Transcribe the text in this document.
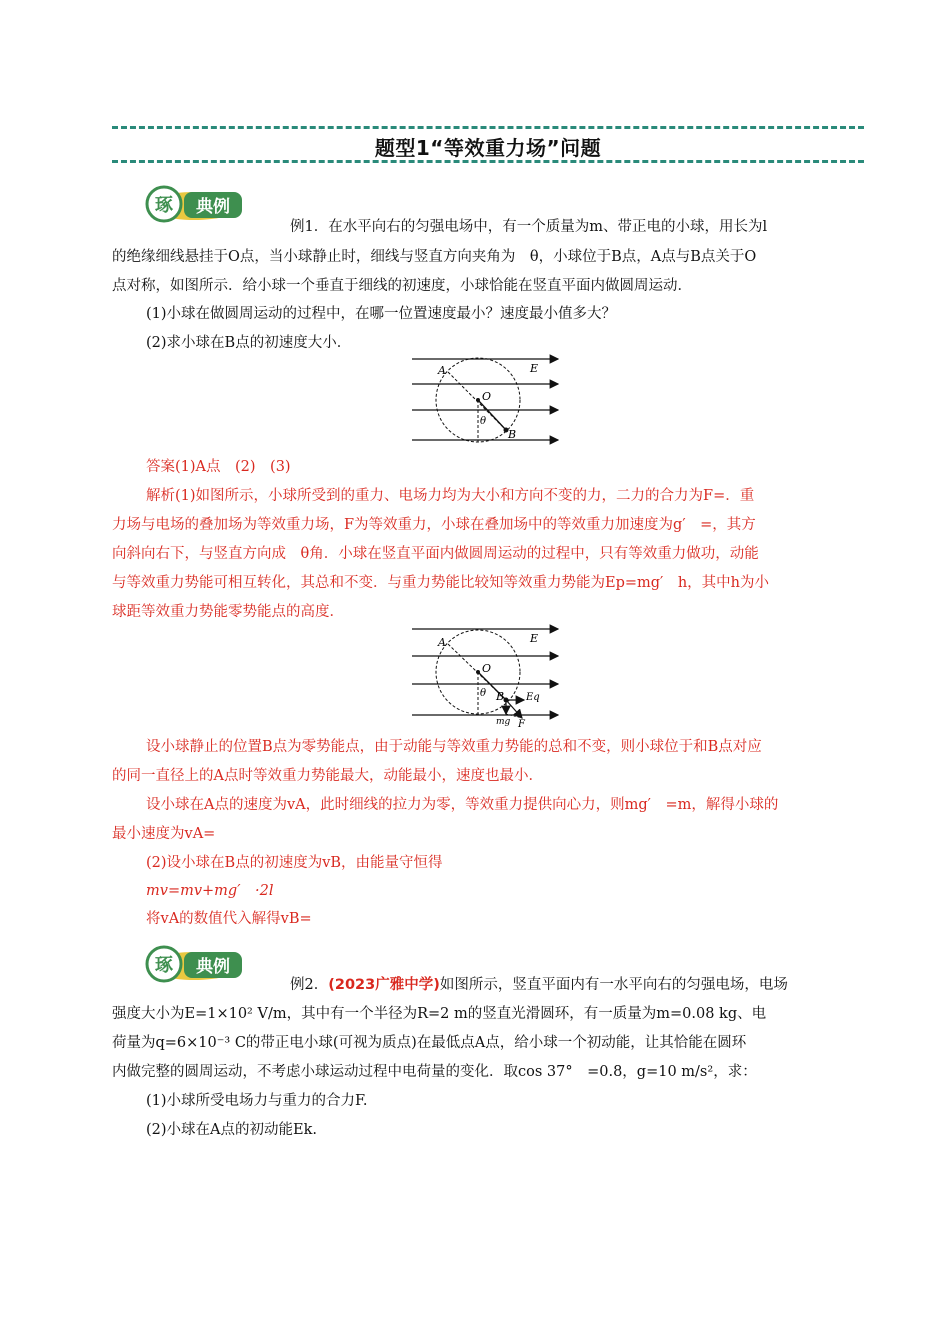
题型1“等效重力场”问题
琢 典例
例1．在水平向右的匀强电场中，有一个质量为m、带正电的小球，用长为l
的绝缘细线悬挂于O点，当小球静止时，细线与竖直方向夹角为　θ，小球位于B点，A点与B点关于O
点对称，如图所示．给小球一个垂直于细线的初速度，小球恰能在竖直平面内做圆周运动．
(1)小球在做圆周运动的过程中，在哪一位置速度最小？速度最小值多大？
(2)求小球在B点的初速度大小．
A
O
B
E
θ
答案(1)A点　(2)　(3)
解析(1)如图所示，小球所受到的重力、电场力均为大小和方向不变的力，二力的合力为F=．重
力场与电场的叠加场为等效重力场，F为等效重力，小球在叠加场中的等效重力加速度为g′　=，其方
向斜向右下，与竖直方向成　θ角．小球在竖直平面内做圆周运动的过程中，只有等效重力做功，动能
与等效重力势能可相互转化，其总和不变．与重力势能比较知等效重力势能为Ep=mg′　h，其中h为小
球距等效重力势能零势能点的高度．
A
O
B
E
θ	Eq
mg F
设小球静止的位置B点为零势能点，由于动能与等效重力势能的总和不变，则小球位于和B点对应
的同一直径上的A点时等效重力势能最大，动能最小，速度也最小．
设小球在A点的速度为vA，此时细线的拉力为零，等效重力提供向心力，则mg′　=m，解得小球的
最小速度为vA=
(2)设小球在B点的初速度为vB，由能量守恒得
mv=mv+mg′　·2l
将vA的数值代入解得vB=
琢 典例
例2．(2023广雅中学)如图所示，竖直平面内有一水平向右的匀强电场，电场
强度大小为E=1×10² V/m，其中有一个半径为R=2 m的竖直光滑圆环，有一质量为m=0.08 kg、电
荷量为q=6×10⁻³ C的带正电小球(可视为质点)在最低点A点，给小球一个初动能，让其恰能在圆环
内做完整的圆周运动，不考虑小球运动过程中电荷量的变化．取cos 37°　=0.8，g=10 m/s²，求：
(1)小球所受电场力与重力的合力F.
(2)小球在A点的初动能Ek.
